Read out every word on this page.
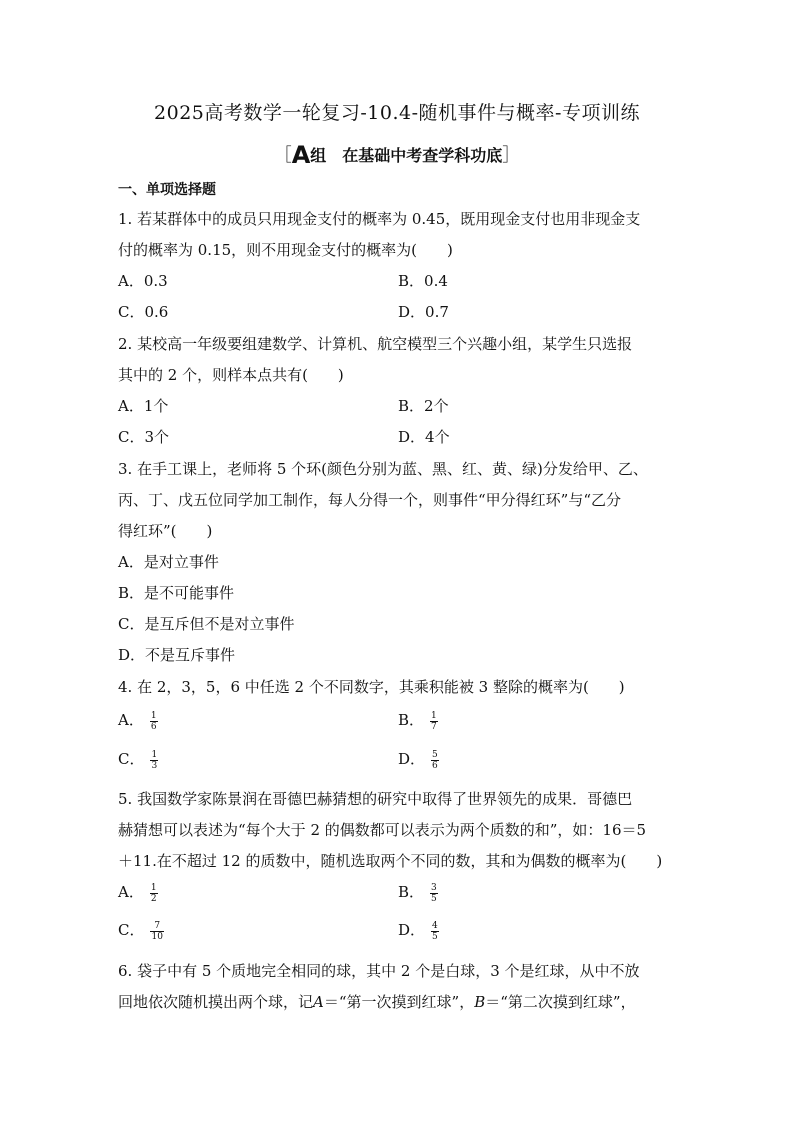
2025高考数学一轮复习-10.4-随机事件与概率-专项训练
［A组　在基础中考查学科功底］
一、单项选择题
1. 若某群体中的成员只用现金支付的概率为 0.45，既用现金支付也用非现金支
付的概率为 0.15，则不用现金支付的概率为(　　)
A．0.3	B．0.4
C．0.6	D．0.7
2. 某校高一年级要组建数学、计算机、航空模型三个兴趣小组，某学生只选报
其中的 2 个，则样本点共有(　　)
A．1个	B．2个
C．3个	D．4个
3. 在手工课上，老师将 5 个环(颜色分别为蓝、黑、红、黄、绿)分发给甲、乙、
丙、丁、戊五位同学加工制作，每人分得一个，则事件“甲分得红环”与“乙分
得红环”(　　)
A．是对立事件
B．是不可能事件
C．是互斥但不是对立事件
D．不是互斥事件
4. 在 2，3，5，6 中任选 2 个不同数字，其乘积能被 3 整除的概率为(　　)
A． $\frac{1}{6}$	B． $\frac{1}{7}$
C． $\frac{1}{3}$	D． $\frac{5}{6}$
5. 我国数学家陈景润在哥德巴赫猜想的研究中取得了世界领先的成果．哥德巴
赫猜想可以表述为“每个大于 2 的偶数都可以表示为两个质数的和”，如：16＝5
＋11.在不超过 12 的质数中，随机选取两个不同的数，其和为偶数的概率为(　　)
A． $\frac{1}{2}$	B． $\frac{3}{5}$
C． $\frac{7}{10}$	D． $\frac{4}{5}$
6. 袋子中有 5 个质地完全相同的球，其中 2 个是白球，3 个是红球，从中不放
回地依次随机摸出两个球，记A＝“第一次摸到红球”，B＝“第二次摸到红球”，
